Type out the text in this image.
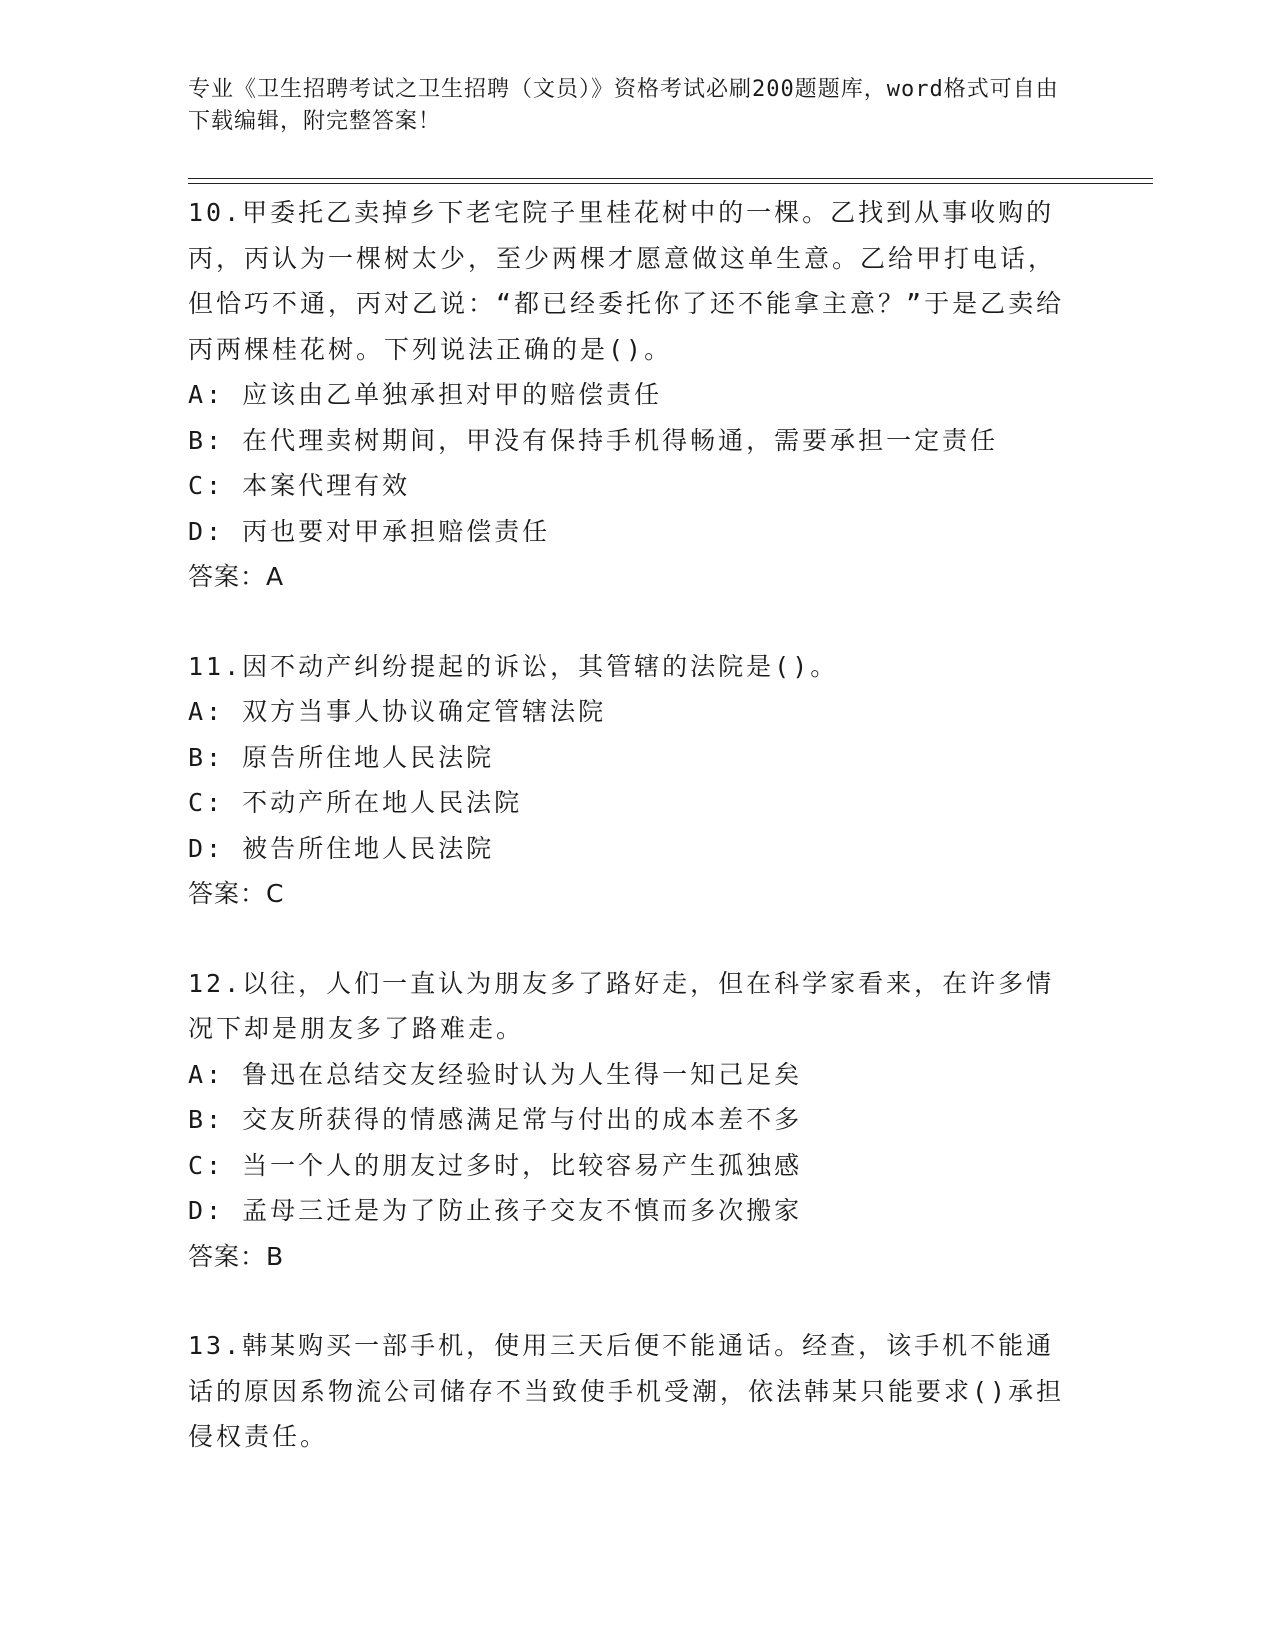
专业《卫生招聘考试之卫生招聘（文员）》资格考试必刷200题题库，word格式可自由下载编辑，附完整答案！
10.甲委托乙卖掉乡下老宅院子里桂花树中的一棵。乙找到从事收购的丙，丙认为一棵树太少，至少两棵才愿意做这单生意。乙给甲打电话，但恰巧不通，丙对乙说：“都已经委托你了还不能拿主意？”于是乙卖给丙两棵桂花树。下列说法正确的是()。
A: 应该由乙单独承担对甲的赔偿责任
B: 在代理卖树期间，甲没有保持手机得畅通，需要承担一定责任
C: 本案代理有效
D: 丙也要对甲承担赔偿责任
答案：A
11.因不动产纠纷提起的诉讼，其管辖的法院是()。
A: 双方当事人协议确定管辖法院
B: 原告所住地人民法院
C: 不动产所在地人民法院
D: 被告所住地人民法院
答案：C
12.以往，人们一直认为朋友多了路好走，但在科学家看来，在许多情况下却是朋友多了路难走。
A: 鲁迅在总结交友经验时认为人生得一知己足矣
B: 交友所获得的情感满足常与付出的成本差不多
C: 当一个人的朋友过多时，比较容易产生孤独感
D: 孟母三迁是为了防止孩子交友不慎而多次搬家
答案：B
13.韩某购买一部手机，使用三天后便不能通话。经查，该手机不能通话的原因系物流公司储存不当致使手机受潮，依法韩某只能要求()承担侵权责任。
